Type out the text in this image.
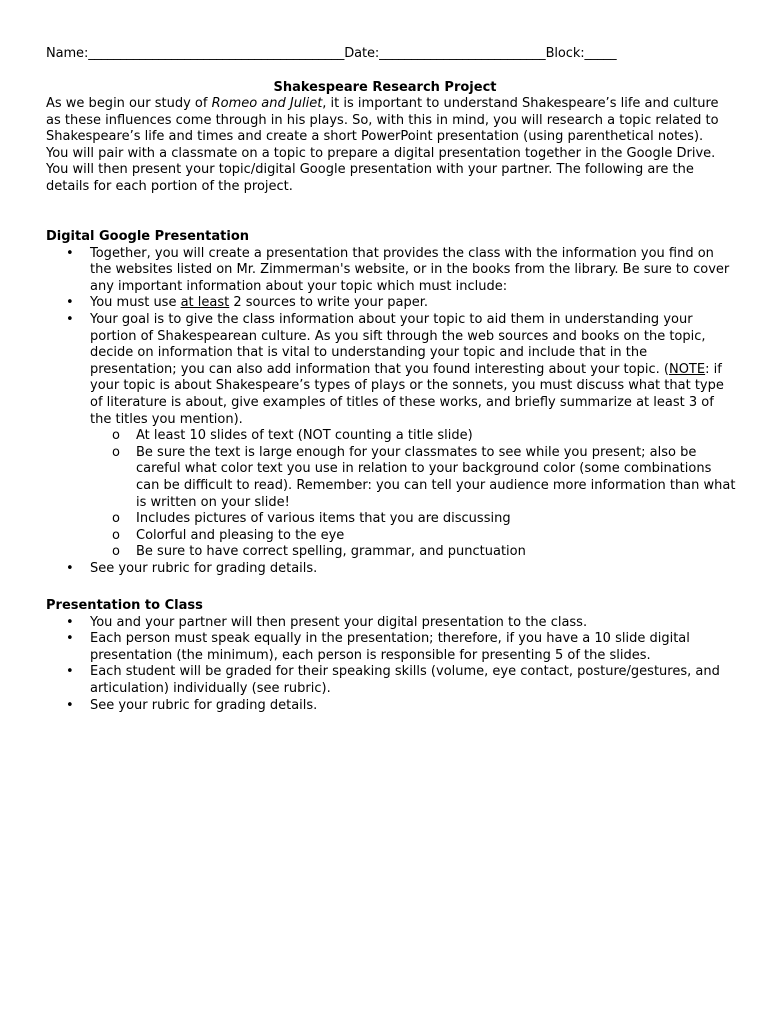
Name:________________________________________Date:__________________________Block:_____
Shakespeare Research Project

As we begin our study of Romeo and Juliet, it is important to understand Shakespeare’s life and culture as these influences come through in his plays. So, with this in mind, you will research a topic related to Shakespeare’s life and times and create a short PowerPoint presentation (using parenthetical notes). You will pair with a classmate on a topic to prepare a digital presentation together in the Google Drive. You will then present your topic/digital Google presentation with your partner. The following are the details for each portion of the project.

Digital Google Presentation
• Together, you will create a presentation that provides the class with the information you find on the websites listed on Mr. Zimmerman's website, or in the books from the library. Be sure to cover any important information about your topic which must include:
• You must use at least 2 sources to write your paper.
• Your goal is to give the class information about your topic to aid them in understanding your portion of Shakespearean culture. As you sift through the web sources and books on the topic, decide on information that is vital to understanding your topic and include that in the presentation; you can also add information that you found interesting about your topic. (NOTE: if your topic is about Shakespeare’s types of plays or the sonnets, you must discuss what that type of literature is about, give examples of titles of these works, and briefly summarize at least 3 of the titles you mention).
o At least 10 slides of text (NOT counting a title slide)
o Be sure the text is large enough for your classmates to see while you present; also be careful what color text you use in relation to your background color (some combinations can be difficult to read). Remember: you can tell your audience more information than what is written on your slide!
o Includes pictures of various items that you are discussing
o Colorful and pleasing to the eye
o Be sure to have correct spelling, grammar, and punctuation
• See your rubric for grading details.
Presentation to Class
• You and your partner will then present your digital presentation to the class.
• Each person must speak equally in the presentation; therefore, if you have a 10 slide digital presentation (the minimum), each person is responsible for presenting 5 of the slides.
• Each student will be graded for their speaking skills (volume, eye contact, posture/gestures, and articulation) individually (see rubric).
• See your rubric for grading details.
